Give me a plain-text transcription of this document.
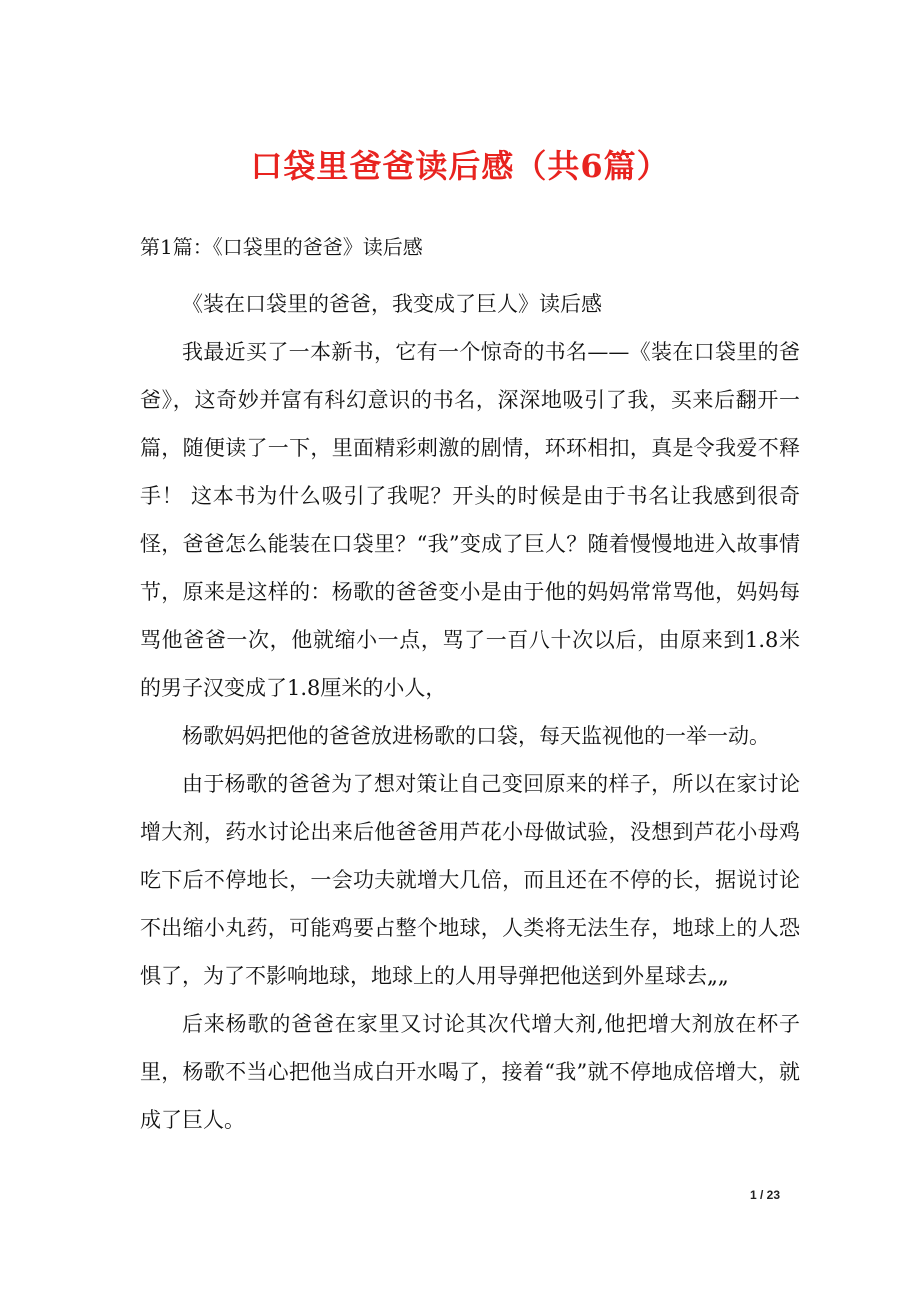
口袋里爸爸读后感（共6篇）
第1篇：《口袋里的爸爸》读后感

《装在口袋里的爸爸，我变成了巨人》读后感

我最近买了一本新书，它有一个惊奇的书名——《装在口袋里的爸爸》，这奇妙并富有科幻意识的书名，深深地吸引了我，买来后翻开一篇，随便读了一下，里面精彩刺激的剧情，环环相扣，真是令我爱不释手！ 这本书为什么吸引了我呢？开头的时候是由于书名让我感到很奇怪，爸爸怎么能装在口袋里？“我”变成了巨人？随着慢慢地进入故事情节，原来是这样的：杨歌的爸爸变小是由于他的妈妈常常骂他，妈妈每骂他爸爸一次，他就缩小一点，骂了一百八十次以后，由原来到1.8米的男子汉变成了1.8厘米的小人，

杨歌妈妈把他的爸爸放进杨歌的口袋，每天监视他的一举一动。

由于杨歌的爸爸为了想对策让自己变回原来的样子，所以在家讨论增大剂，药水讨论出来后他爸爸用芦花小母做试验，没想到芦花小母鸡吃下后不停地长，一会功夫就增大几倍，而且还在不停的长，据说讨论不出缩小丸药，可能鸡要占整个地球，人类将无法生存，地球上的人恐惧了，为了不影响地球，地球上的人用导弹把他送到外星球去„„

后来杨歌的爸爸在家里又讨论其次代增大剂,他把增大剂放在杯子里，杨歌不当心把他当成白开水喝了，接着“我”就不停地成倍增大，就成了巨人。

1 / 23
